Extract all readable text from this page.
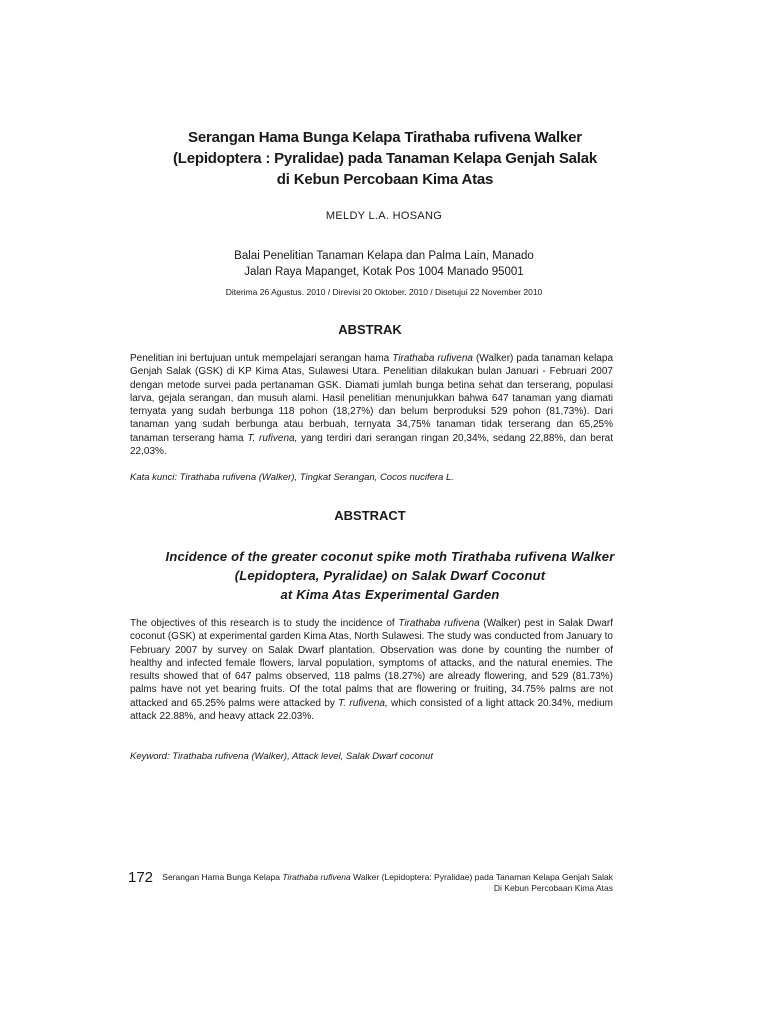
Serangan Hama Bunga Kelapa Tirathaba rufivena Walker
(Lepidoptera : Pyralidae) pada Tanaman Kelapa Genjah Salak
di Kebun Percobaan Kima Atas
MELDY L.A. HOSANG
Balai Penelitian Tanaman Kelapa dan Palma Lain, Manado
Jalan Raya Mapanget, Kotak Pos 1004 Manado 95001
Diterima 26 Agustus. 2010 / Direvisi 20 Oktober. 2010 / Disetujui 22 November 2010
ABSTRAK
Penelitian ini bertujuan untuk mempelajari serangan hama Tirathaba rufivena (Walker) pada tanaman kelapa Genjah Salak (GSK) di KP Kima Atas, Sulawesi Utara. Penelitian dilakukan bulan Januari - Februari 2007 dengan metode survei pada pertanaman GSK. Diamati jumlah bunga betina sehat dan terserang, populasi larva, gejala serangan, dan musuh alami. Hasil penelitian menunjukkan bahwa 647 tanaman yang diamati ternyata yang sudah berbunga 118 pohon (18,27%) dan belum berproduksi 529 pohon (81,73%). Dari tanaman yang sudah berbunga atau berbuah, ternyata 34,75% tanaman tidak terserang dan 65,25% tanaman terserang hama T. rufivena, yang terdiri dari serangan ringan 20,34%, sedang 22,88%, dan berat 22,03%.
Kata kunci: Tirathaba rufivena (Walker), Tingkat Serangan, Cocos nucifera L.
ABSTRACT
Incidence of the greater coconut spike moth Tirathaba rufivena Walker
(Lepidoptera, Pyralidae) on Salak Dwarf Coconut
at Kima Atas Experimental Garden
The objectives of this research is to study the incidence of Tirathaba rufivena (Walker) pest in Salak Dwarf coconut (GSK) at experimental garden Kima Atas, North Sulawesi. The study was conducted from January to February 2007 by survey on Salak Dwarf plantation. Observation was done by counting the number of healthy and infected female flowers, larval population, symptoms of attacks, and the natural enemies. The results showed that of 647 palms observed, 118 palms (18.27%) are already flowering, and 529 (81.73%) palms have not yet bearing fruits. Of the total palms that are flowering or fruiting, 34.75% palms are not attacked and 65.25% palms were attacked by T. rufivena, which consisted of a light attack 20.34%, medium attack 22.88%, and heavy attack 22.03%.
Keyword: Tirathaba rufivena (Walker), Attack level, Salak Dwarf coconut
172	Serangan Hama Bunga Kelapa Tirathaba rufivena Walker (Lepidoptera: Pyralidae) pada Tanaman Kelapa Genjah Salak
Di Kebun Percobaan Kima Atas
